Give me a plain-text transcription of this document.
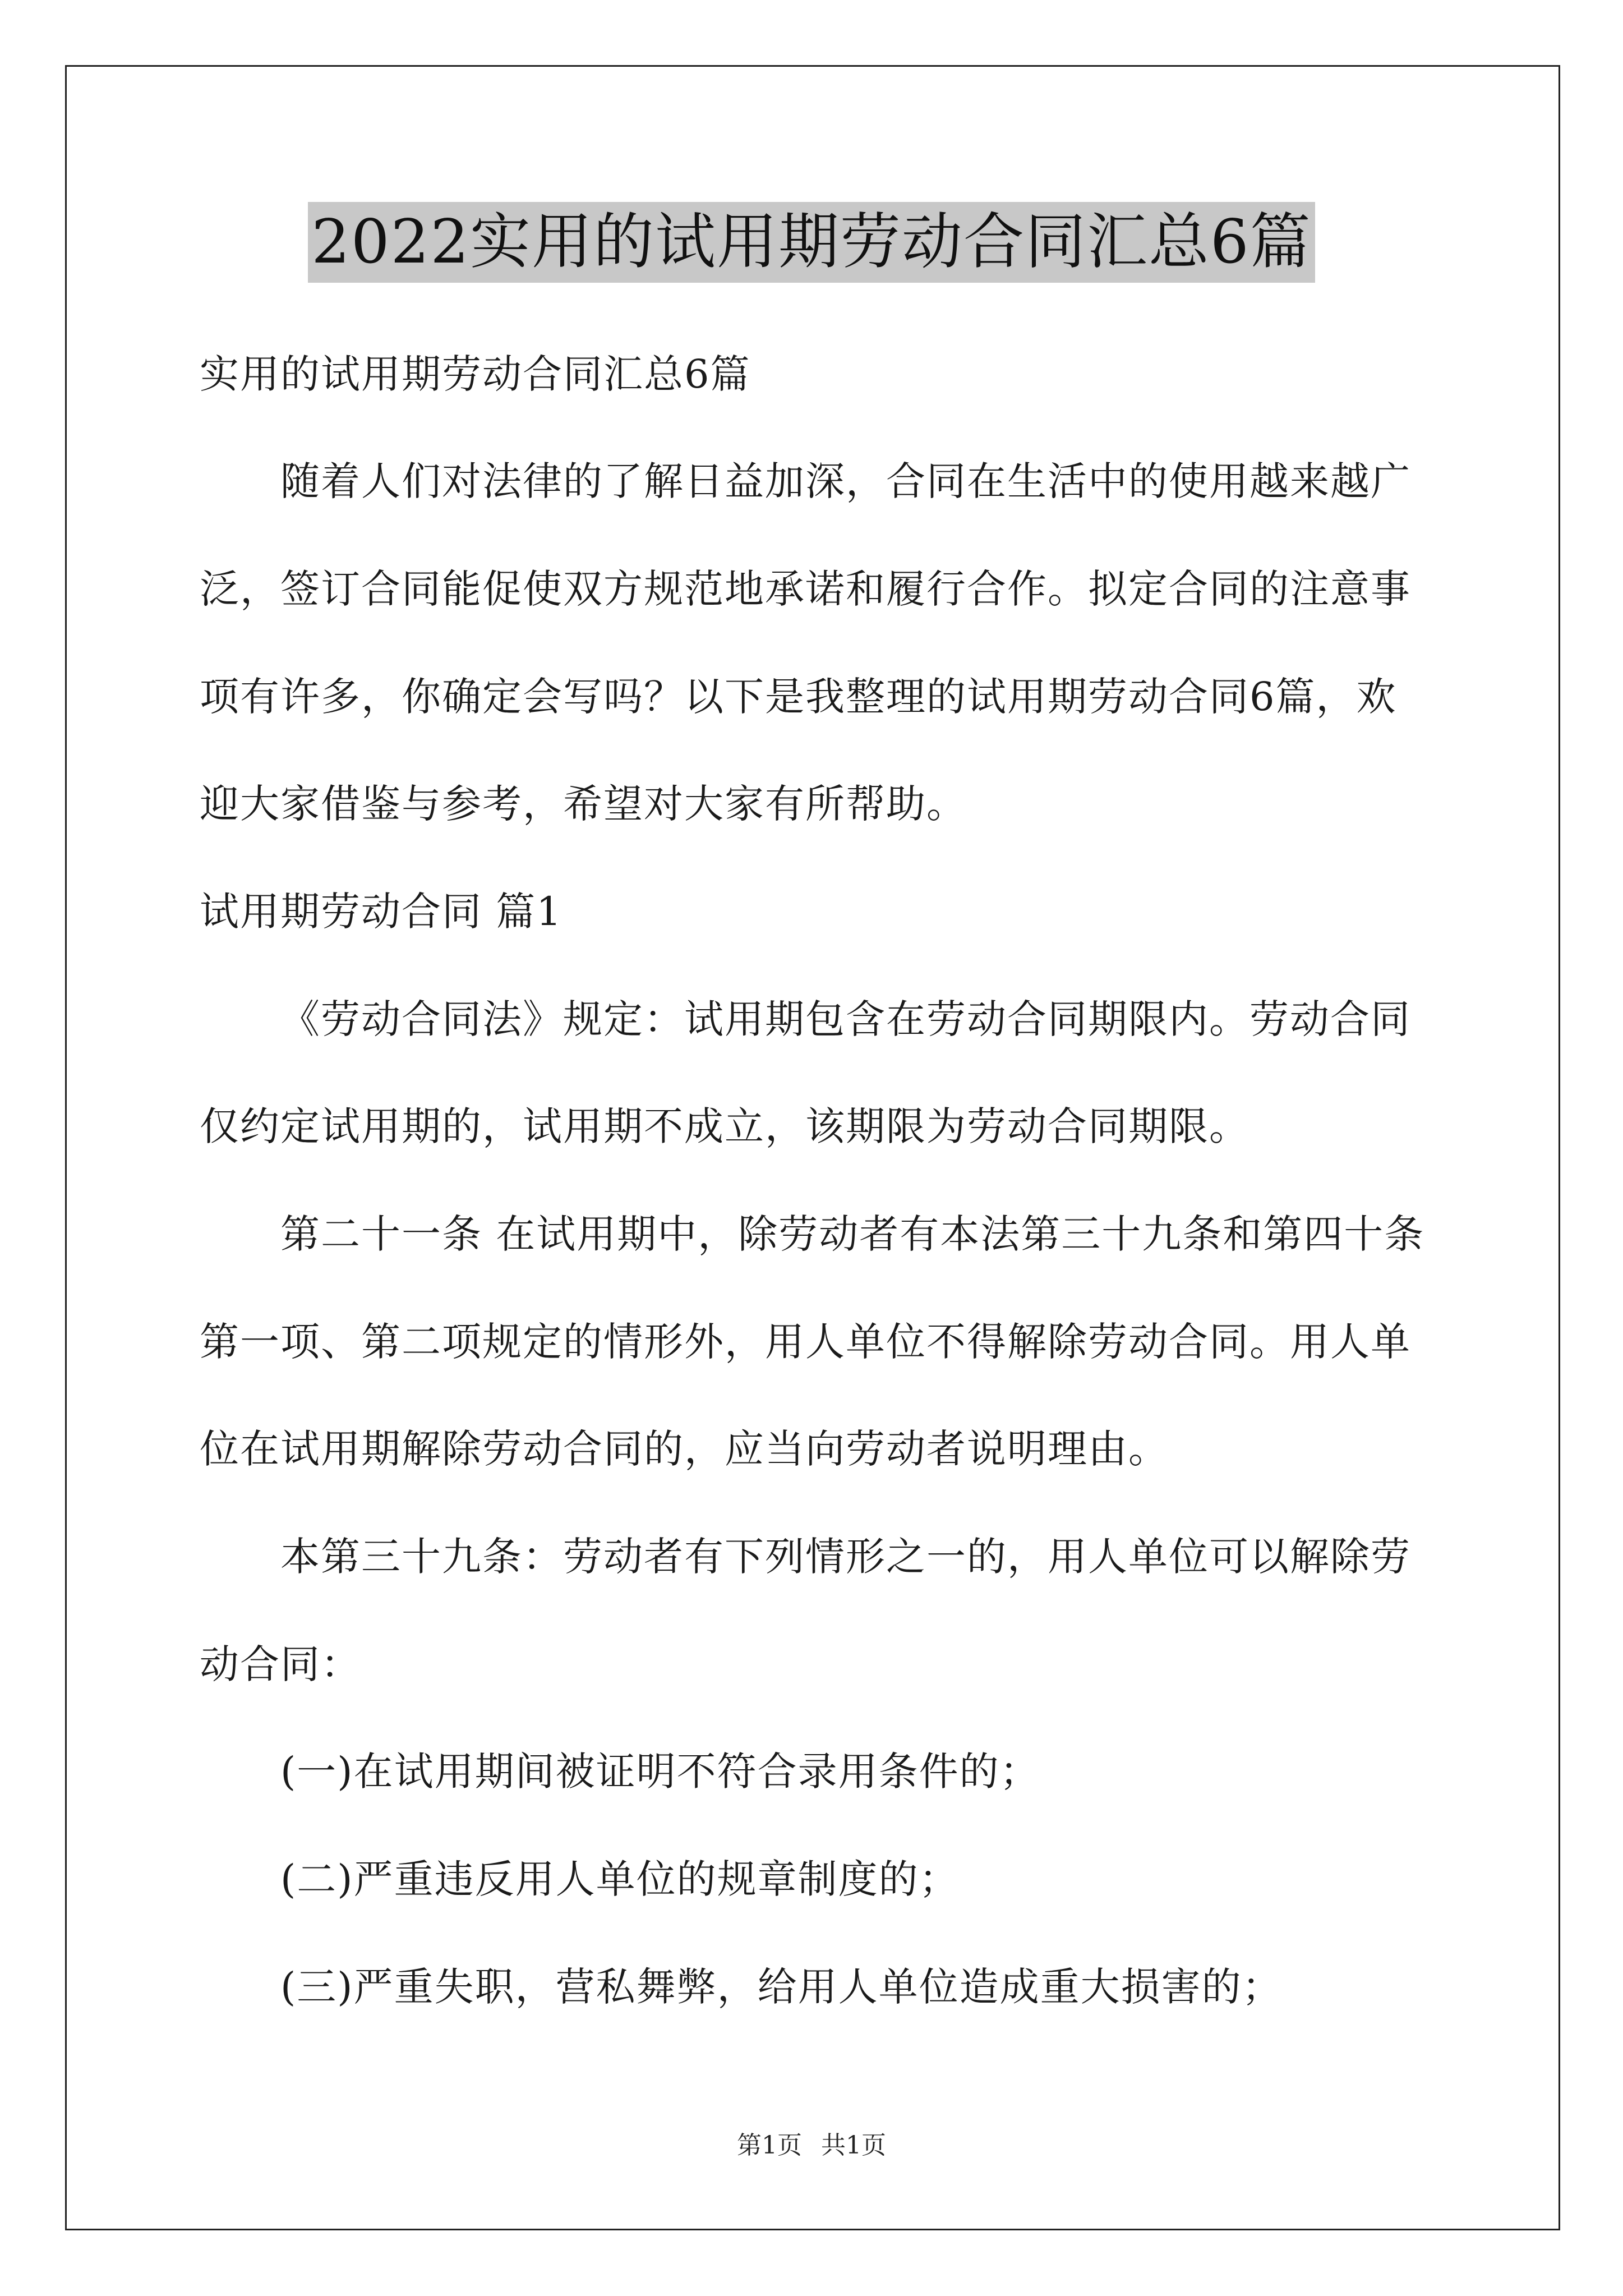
2022实用的试用期劳动合同汇总6篇
实用的试用期劳动合同汇总6篇
随着人们对法律的了解日益加深，合同在生活中的使用越来越广
泛，签订合同能促使双方规范地承诺和履行合作。拟定合同的注意事
项有许多，你确定会写吗？以下是我整理的试用期劳动合同6篇，欢
迎大家借鉴与参考，希望对大家有所帮助。
试用期劳动合同 篇1
《劳动合同法》规定：试用期包含在劳动合同期限内。劳动合同
仅约定试用期的，试用期不成立，该期限为劳动合同期限。
第二十一条 在试用期中，除劳动者有本法第三十九条和第四十条
第一项、第二项规定的情形外，用人单位不得解除劳动合同。用人单
位在试用期解除劳动合同的，应当向劳动者说明理由。
本第三十九条：劳动者有下列情形之一的，用人单位可以解除劳
动合同：
(一)在试用期间被证明不符合录用条件的；
(二)严重违反用人单位的规章制度的；
(三)严重失职，营私舞弊，给用人单位造成重大损害的；
第1页 共1页
